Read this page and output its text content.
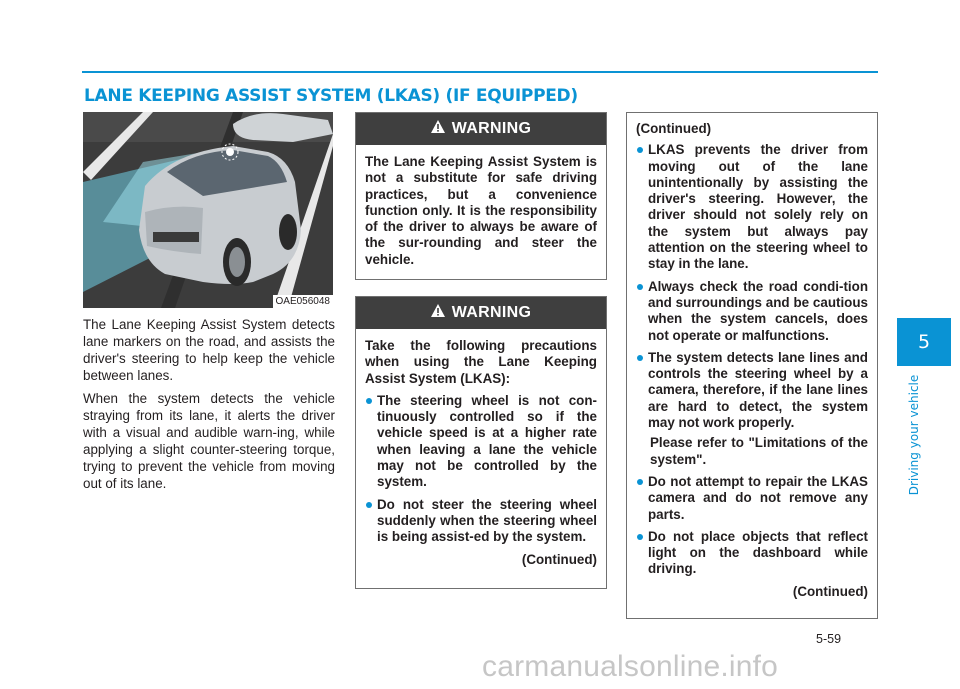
LANE KEEPING ASSIST SYSTEM (LKAS) (IF EQUIPPED)
OAE056048

The Lane Keeping Assist System detects lane markers on the road, and assists the driver's steering to help keep the vehicle between lanes.

When the system detects the vehicle straying from its lane, it alerts the driver with a visual and audible warn-ing, while applying a slight counter-steering torque, trying to prevent the vehicle from moving out of its lane.

WARNING

The Lane Keeping Assist System is not a substitute for safe driving practices, but a convenience function only. It is the responsibility of the driver to always be aware of the sur-rounding and steer the vehicle.

WARNING

Take the following precautions when using the Lane Keeping Assist System (LKAS):

The steering wheel is not con-tinuously controlled so if the vehicle speed is at a higher rate when leaving a lane the vehicle may not be controlled by the system.
Do not steer the steering wheel suddenly when the steering wheel is being assist-ed by the system.
(Continued)
(Continued)
LKAS prevents the driver from moving out of the lane unintentionally by assisting the driver's steering. However, the driver should not solely rely on the system but always pay attention on the steering wheel to stay in the lane.
Always check the road condi-tion and surroundings and be cautious when the system cancels, does not operate or malfunctions.
The system detects lane lines and controls the steering wheel by a camera, therefore, if the lane lines are hard to detect, the system may not work properly.

Please refer to "Limitations of the system".

Do not attempt to repair the LKAS camera and do not remove any parts.
Do not place objects that reflect light on the dashboard while driving.
(Continued)
5
Driving your vehicle
5-59
carmanualsonline.info
